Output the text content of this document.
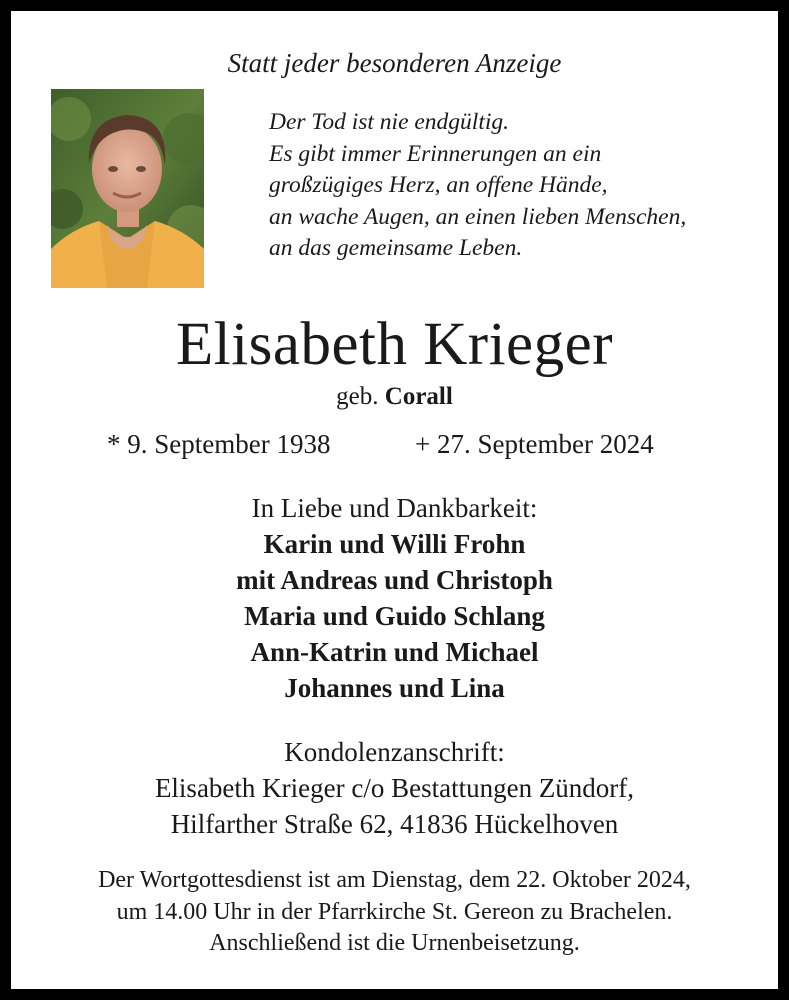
Statt jeder besonderen Anzeige
Der Tod ist nie endgültig.
Es gibt immer Erinnerungen an ein
großzügiges Herz, an offene Hände,
an wache Augen, an einen lieben Menschen,
an das gemeinsame Leben.
Elisabeth Krieger
geb. Corall
* 9. September 1938	+ 27. September 2024
In Liebe und Dankbarkeit:
Karin und Willi Frohn
mit Andreas und Christoph
Maria und Guido Schlang
Ann-Katrin und Michael
Johannes und Lina
Kondolenzanschrift:
Elisabeth Krieger c/o Bestattungen Zündorf,
Hilfarther Straße 62, 41836 Hückelhoven
Der Wortgottesdienst ist am Dienstag, dem 22. Oktober 2024,
um 14.00 Uhr in der Pfarrkirche St. Gereon zu Brachelen.
Anschließend ist die Urnenbeisetzung.
